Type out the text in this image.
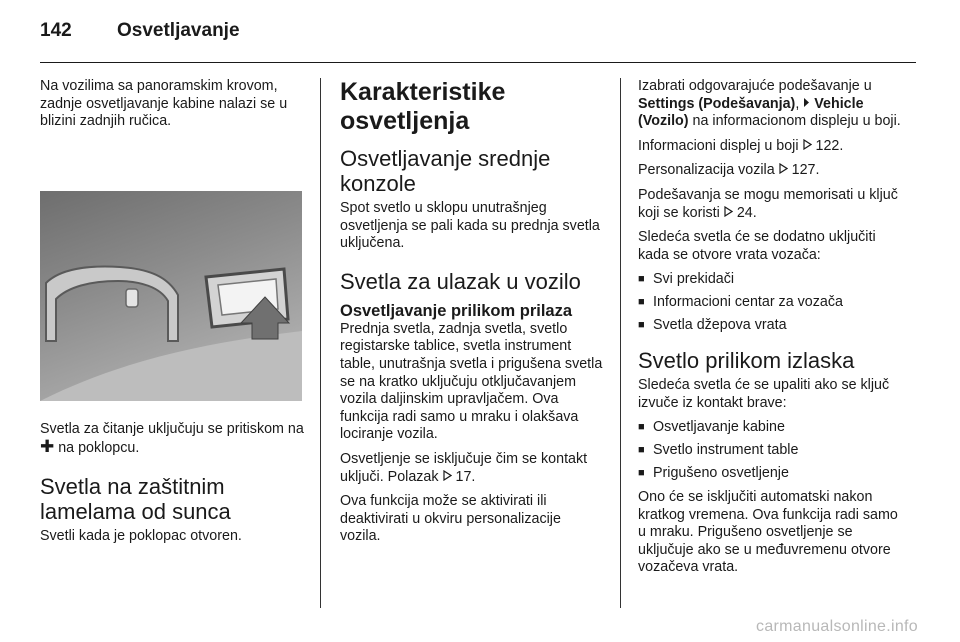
142 Osvetljavanje

Na vozilima sa panoramskim krovom, zadnje osvetljavanje kabine nalazi se u blizini zadnjih ručica.

Svetla za čitanje uključuju se pritiskom na ✚ na poklopcu.

Svetla na zaštitnim lamelama od sunca

Svetli kada je poklopac otvoren.

Karakteristike osvetljenja
Osvetljavanje srednje konzole

Spot svetlo u sklopu unutrašnjeg osvetljenja se pali kada su prednja svetla uključena.

Svetla za ulazak u vozilo
Osvetljavanje prilikom prilaza

Prednja svetla, zadnja svetla, svetlo registarske tablice, svetla instrument table, unutrašnja svetla i prigušena svetla se na kratko uključuju otključavanjem vozila daljinskim upravljačem. Ova funkcija radi samo u mraku i olakšava lociranje vozila.

Osvetljenje se isključuje čim se kontakt uključi. Polazak 17.

Ova funkcija može se aktivirati ili deaktivirati u okviru personalizacije vozila.

Izabrati odgovarajuće podešavanje u Settings (Podešavanja), Vehicle (Vozilo) na informacionom displeju u boji.

Informacioni displej u boji 122.

Personalizacija vozila 127.

Podešavanja se mogu memorisati u ključ koji se koristi 24.

Sledeća svetla će se dodatno uključiti kada se otvore vrata vozača:

■ Svi prekidači
■ Informacioni centar za vozača
■ Svetla džepova vrata
Svetlo prilikom izlaska

Sledeća svetla će se upaliti ako se ključ izvuče iz kontakt brave:

■ Osvetljavanje kabine
■ Svetlo instrument table
■ Prigušeno osvetljenje

Ono će se isključiti automatski nakon kratkog vremena. Ova funkcija radi samo u mraku. Prigušeno osvetljenje se uključuje ako se u međuvremenu otvore vozačeva vrata.

carmanualsonline.info
